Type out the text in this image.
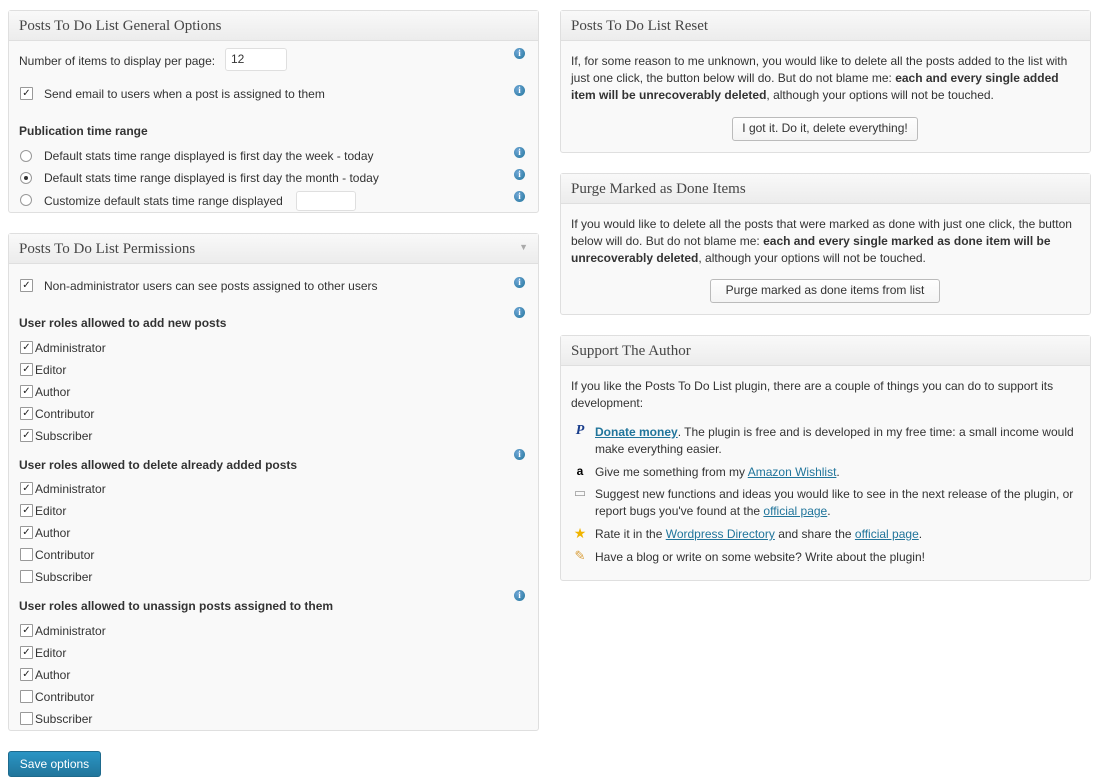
Posts To Do List General Options
Number of items to display per page:	12	i
✓ Send email to users when a post is assigned to them	i
Publication time range
Default stats time range displayed is first day the week - today	i
Default stats time range displayed is first day the month - today	i
Customize default stats time range displayed	i
Posts To Do List Permissions	▼
✓ Non-administrator users can see posts assigned to other users	i
User roles allowed to add new posts
i
✓ Administrator
✓ Editor
✓ Author
✓ Contributor
✓ Subscriber
User roles allowed to delete already added posts
i
✓ Administrator
✓ Editor
✓ Author
Contributor
Subscriber
User roles allowed to unassign posts assigned to them
i
✓ Administrator
✓ Editor
✓ Author
Contributor
Subscriber
Posts To Do List Reset
If, for some reason to me unknown, you would like to delete all the posts added to the list with just one click, the button below will do. But do not blame me: each and every single added item will be unrecoverably deleted, although your options will not be touched.
I got it. Do it, delete everything!
Purge Marked as Done Items
If you would like to delete all the posts that were marked as done with just one click, the button below will do. But do not blame me: each and every single marked as done item will be unrecoverably deleted, although your options will not be touched.
Purge marked as done items from list
Support The Author
If you like the Posts To Do List plugin, there are a couple of things you can do to support its development:
P Donate money. The plugin is free and is developed in my free time: a small income would make everything easier.
a Give me something from my Amazon Wishlist.
▭ Suggest new functions and ideas you would like to see in the next release of the plugin, or report bugs you've found at the official page.
★ Rate it in the Wordpress Directory and share the official page.
✎ Have a blog or write on some website? Write about the plugin!
Save options
